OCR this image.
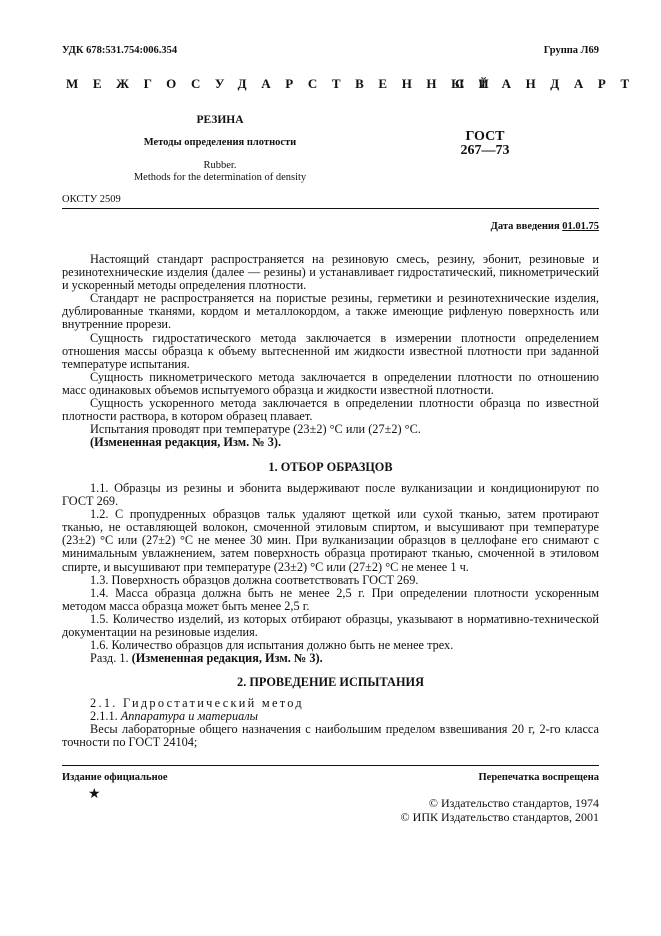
УДК 678:531.754:006.354	Группа Л69
МЕЖГОСУДАРСТВЕННЫЙ
СТАНДАРТ
РЕЗИНА
Методы определения плотности
Rubber.
Methods for the determination of density
ГОСТ
267—73
ОКСТУ 2509
Дата введения 01.01.75

Настоящий стандарт распространяется на резиновую смесь, резину, эбонит, резиновые и резинотехнические изделия (далее — резины) и устанавливает гидростатический, пикнометрический и ускоренный методы определения плотности.

Стандарт не распространяется на пористые резины, герметики и резинотехнические изделия, дублированные тканями, кордом и металлокордом, а также имеющие рифленую поверхность или внутренние прорези.

Сущность гидростатического метода заключается в измерении плотности определением отношения массы образца к объему вытесненной им жидкости известной плотности при заданной температуре испытания.

Сущность пикнометрического метода заключается в определении плотности по отношению масс одинаковых объемов испытуемого образца и жидкости известной плотности.

Сущность ускоренного метода заключается в определении плотности образца по известной плотности раствора, в котором образец плавает.

Испытания проводят при температуре (23±2) °С или (27±2) °С.

(Измененная редакция, Изм. № 3).

1. ОТБОР ОБРАЗЦОВ

1.1. Образцы из резины и эбонита выдерживают после вулканизации и кондиционируют по ГОСТ 269.

1.2. С пропудренных образцов тальк удаляют щеткой или сухой тканью, затем протирают тканью, не оставляющей волокон, смоченной этиловым спиртом, и высушивают при температуре (23±2) °С или (27±2) °С не менее 30 мин. При вулканизации образцов в целлофане его снимают с минимальным увлажнением, затем поверхность образца протирают тканью, смоченной в этиловом спирте, и высушивают при температуре (23±2) °С или (27±2) °С не менее 1 ч.

1.3. Поверхность образцов должна соответствовать ГОСТ 269.

1.4. Масса образца должна быть не менее 2,5 г. При определении плотности ускоренным методом масса образца может быть менее 2,5 г.

1.5. Количество изделий, из которых отбирают образцы, указывают в нормативно-технической документации на резиновые изделия.

1.6. Количество образцов для испытания должно быть не менее трех.

Разд. 1. (Измененная редакция, Изм. № 3).

2. ПРОВЕДЕНИЕ ИСПЫТАНИЯ

2.1. Гидростатический метод

2.1.1. Аппаратура и материалы

Весы лабораторные общего назначения с наибольшим пределом взвешивания 20 г, 2-го класса точности по ГОСТ 24104;

Издание официальное	Перепечатка воспрещена
★
© Издательство стандартов, 1974
© ИПК Издательство стандартов, 2001
